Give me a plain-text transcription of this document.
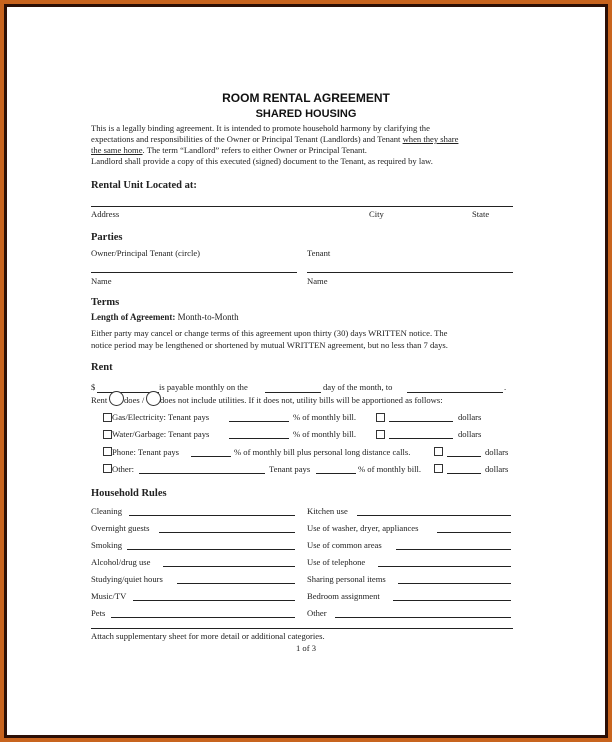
ROOM RENTAL AGREEMENT
SHARED HOUSING
This is a legally binding agreement. It is intended to promote household harmony by clarifying the
expectations and responsibilities of the Owner or Principal Tenant (Landlords) and Tenant when they share
the same home. The term “Landlord” refers to either Owner or Principal Tenant.
Landlord shall provide a copy of this executed (signed) document to the Tenant, as required by law.
Rental Unit Located at:
Address	City	State
Parties
Owner/Principal Tenant (circle)	Tenant
Name	Name
Terms
Length of Agreement: Month-to-Month
Either party may cancel or change terms of this agreement upon thirty (30) days WRITTEN notice. The
notice period may be lengthened or shortened by mutual WRITTEN agreement, but no less than 7 days.
Rent
$	is payable monthly on the	day of the month, to	.
Rent does / does not include utilities. If it does not, utility bills will be apportioned as follows:
Gas/Electricity: Tenant pays	% of monthly bill.	dollars
Water/Garbage: Tenant pays	% of monthly bill.	dollars
Phone: Tenant pays	% of monthly bill plus personal long distance calls.	dollars
Other:	Tenant pays	% of monthly bill.	dollars
Household Rules
Cleaning	Kitchen use
Overnight guests	Use of washer, dryer, appliances
Smoking	Use of common areas
Alcohol/drug use	Use of telephone
Studying/quiet hours	Sharing personal items
Music/TV	Bedroom assignment
Pets	Other
Attach supplementary sheet for more detail or additional categories.
1 of 3
